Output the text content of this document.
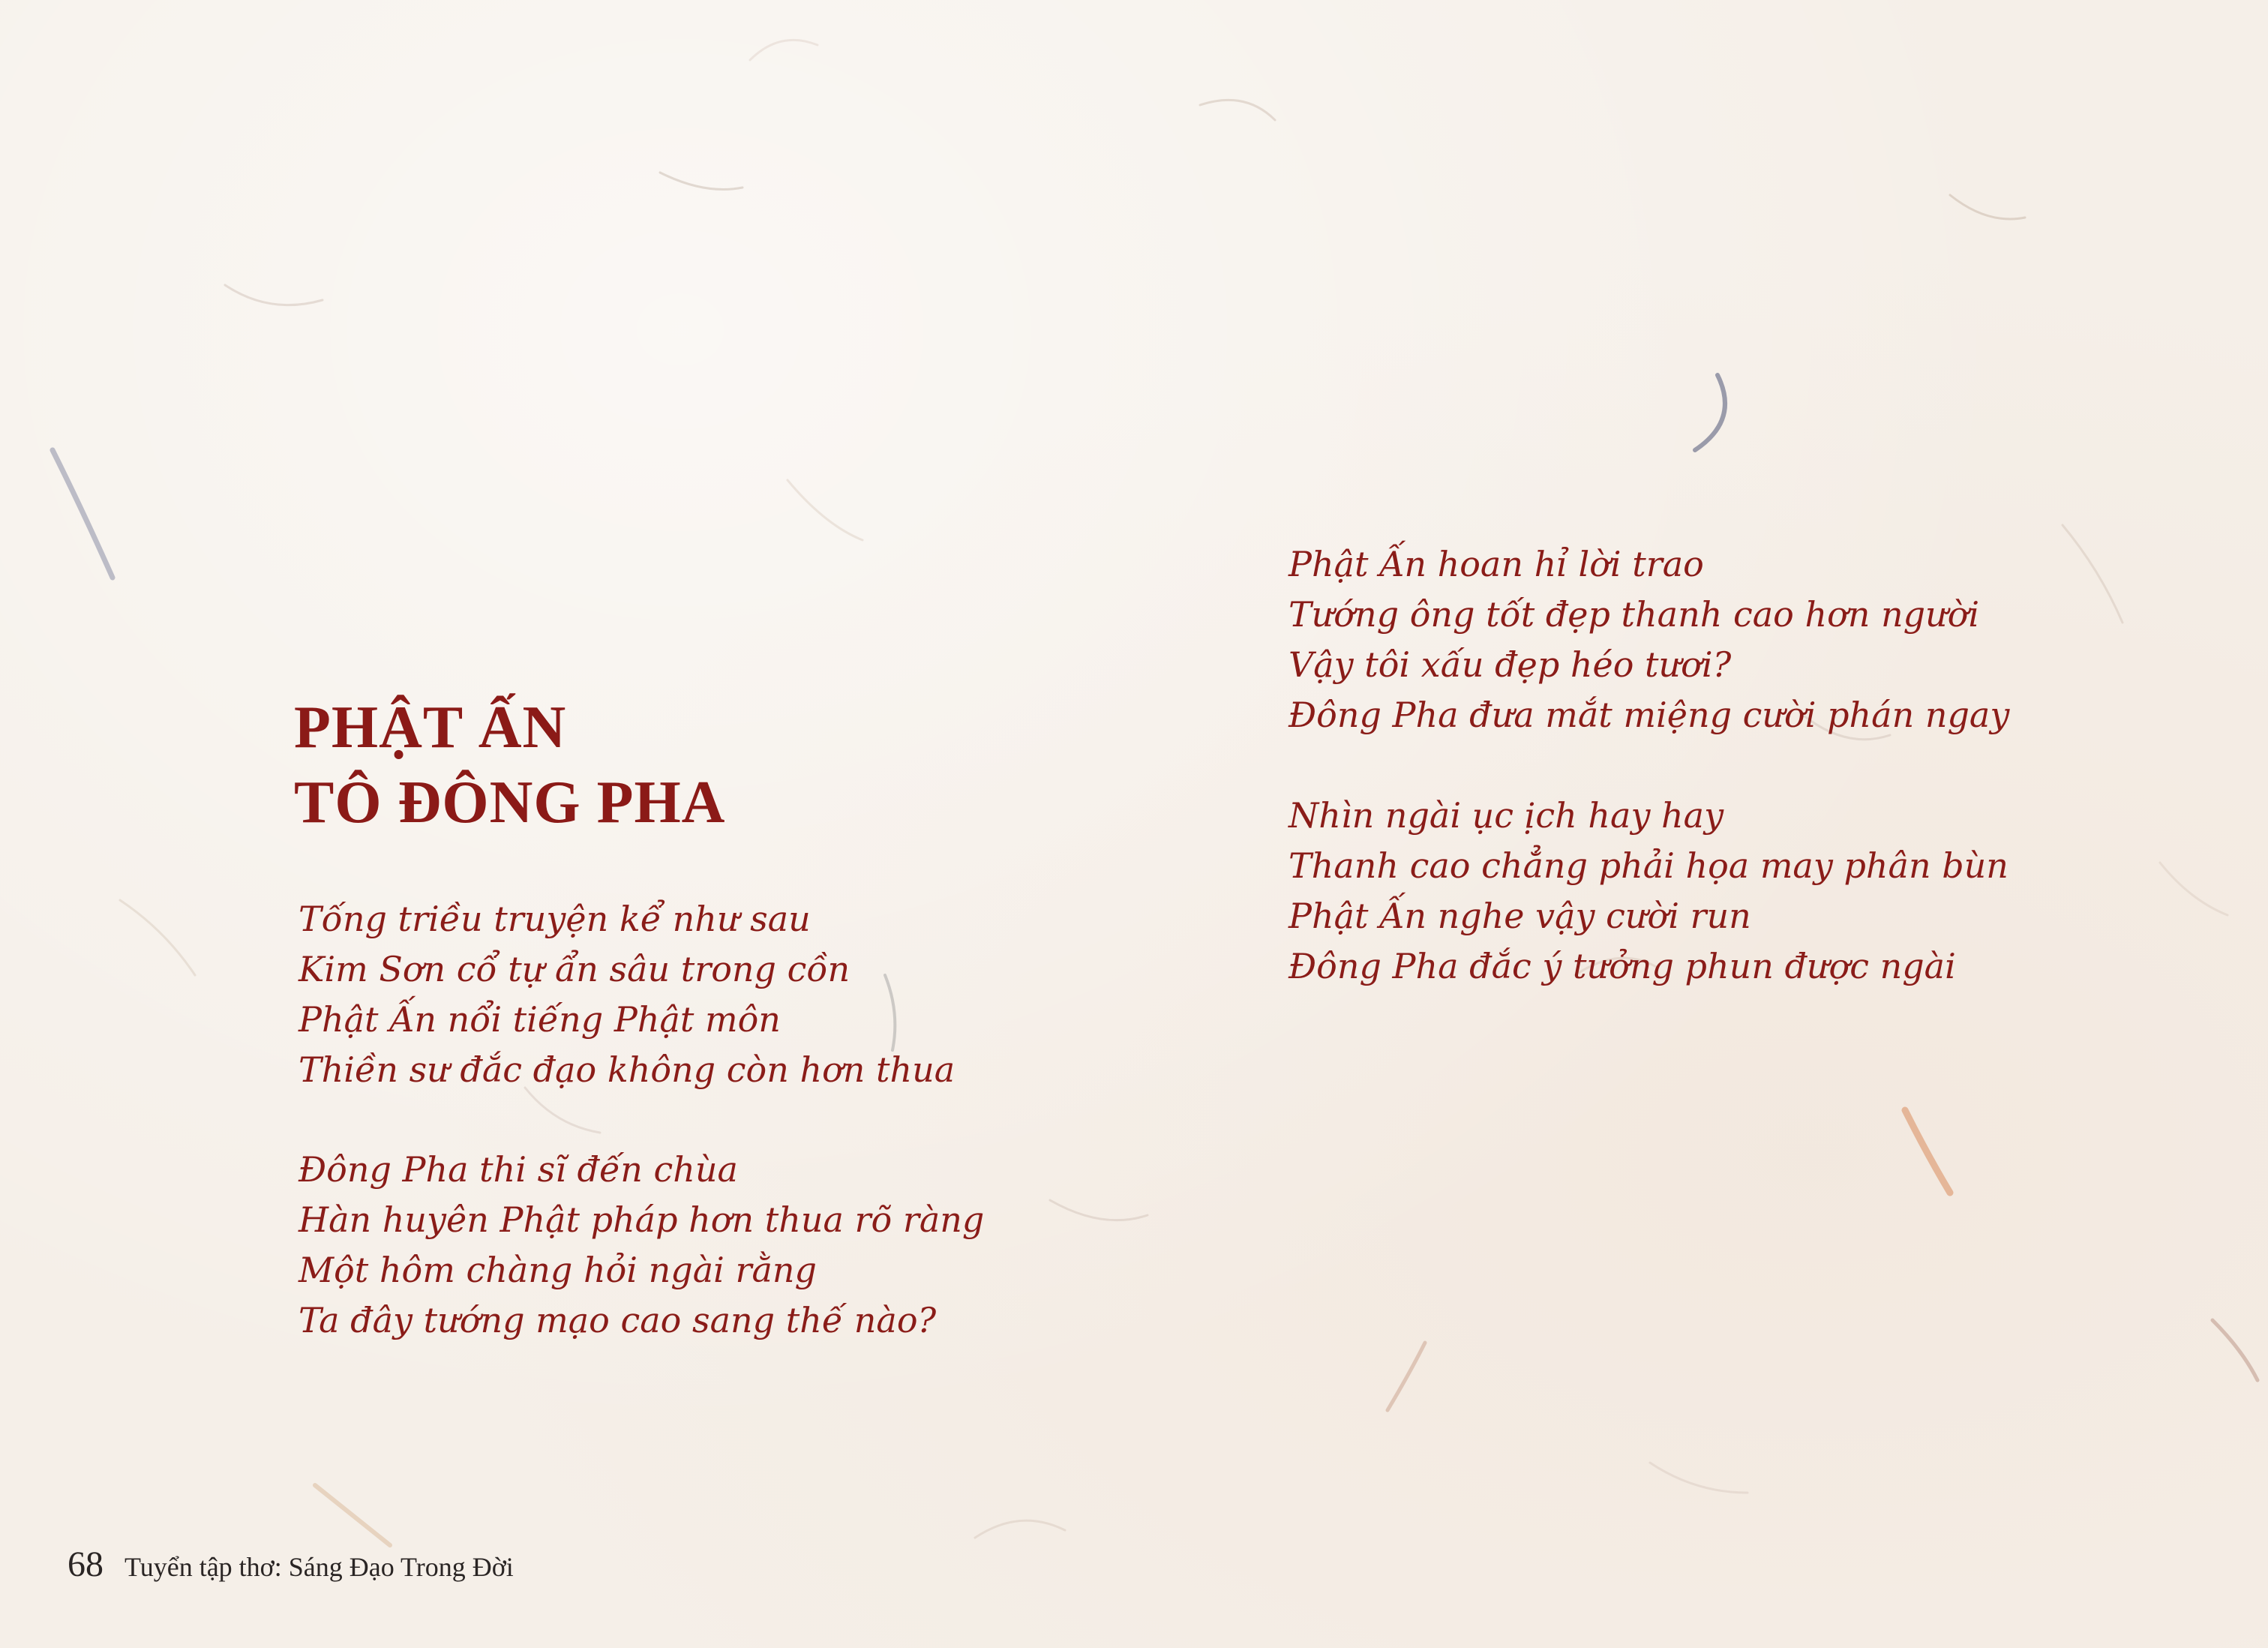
PHẬT ẤN
TÔ ĐÔNG PHA
Tống triều truyện kể như sau
Kim Sơn cổ tự ẩn sâu trong cồn
Phật Ấn nổi tiếng Phật môn
Thiền sư đắc đạo không còn hơn thua
Đông Pha thi sĩ đến chùa
Hàn huyên Phật pháp hơn thua rõ ràng
Một hôm chàng hỏi ngài rằng
Ta đây tướng mạo cao sang thế nào?
Phật Ấn hoan hỉ lời trao
Tướng ông tốt đẹp thanh cao hơn người
Vậy tôi xấu đẹp héo tươi?
Đông Pha đưa mắt miệng cười phán ngay
Nhìn ngài ục ịch hay hay
Thanh cao chẳng phải họa may phân bùn
Phật Ấn nghe vậy cười run
Đông Pha đắc ý tưởng phun được ngài
68 Tuyển tập thơ: Sáng Đạo Trong Đời
